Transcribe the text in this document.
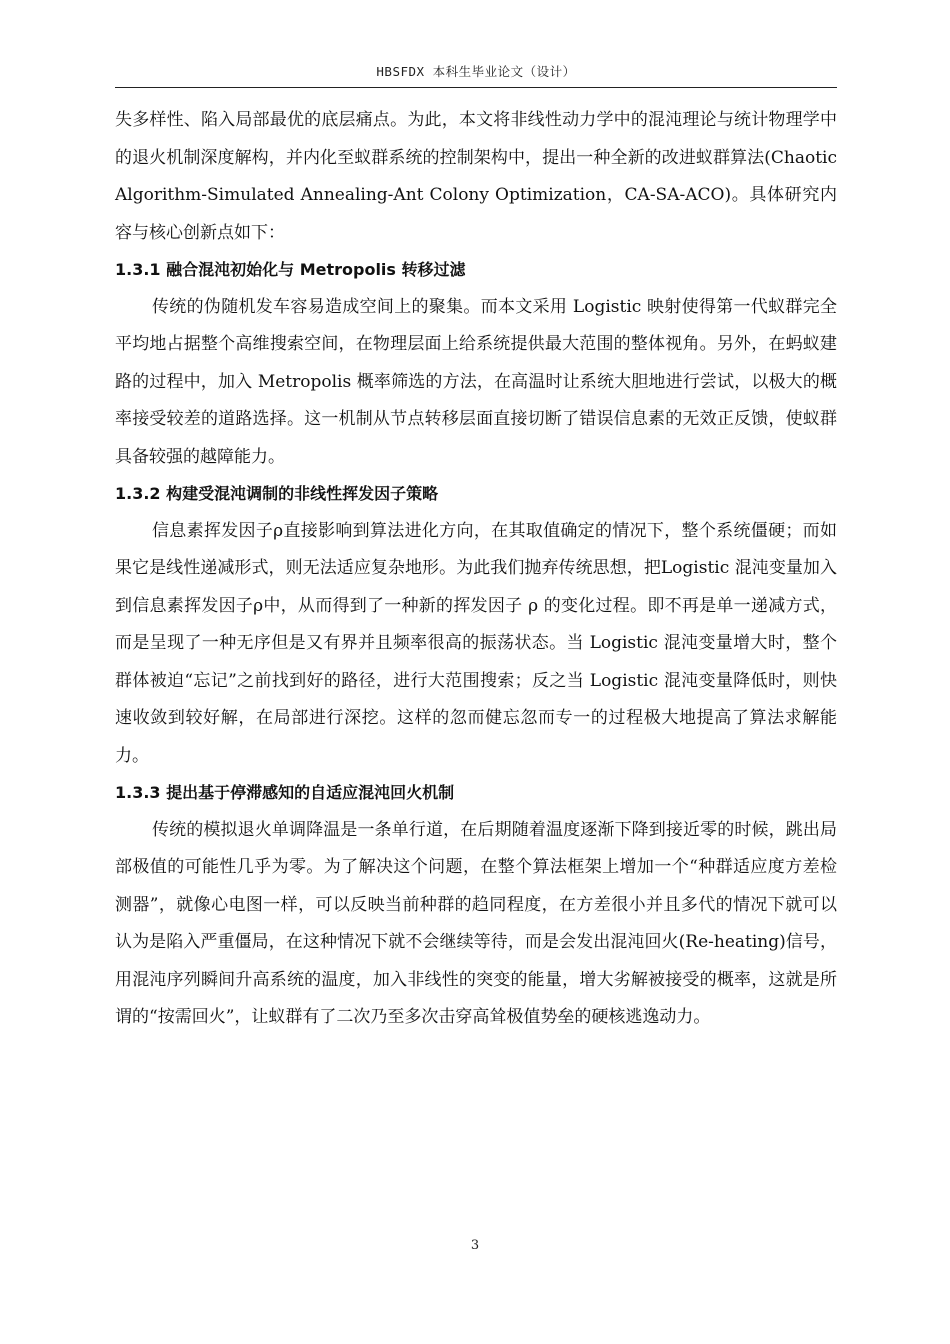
HBSFDX 本科生毕业论文（设计）

失多样性、陷入局部最优的底层痛点。为此，本文将非线性动力学中的混沌理论与统计物理学中的退火机制深度解构，并内化至蚁群系统的控制架构中，提出一种全新的改进蚁群算法(Chaotic Algorithm-Simulated Annealing-Ant Colony Optimization，CA-SA-ACO)。具体研究内容与核心创新点如下：

1.3.1 融合混沌初始化与 Metropolis 转移过滤

传统的伪随机发车容易造成空间上的聚集。而本文采用 Logistic 映射使得第一代蚁群完全平均地占据整个高维搜索空间，在物理层面上给系统提供最大范围的整体视角。另外，在蚂蚁建路的过程中，加入 Metropolis 概率筛选的方法，在高温时让系统大胆地进行尝试，以极大的概率接受较差的道路选择。这一机制从节点转移层面直接切断了错误信息素的无效正反馈，使蚁群具备较强的越障能力。

1.3.2 构建受混沌调制的非线性挥发因子策略

信息素挥发因子ρ直接影响到算法进化方向，在其取值确定的情况下，整个系统僵硬；而如果它是线性递减形式，则无法适应复杂地形。为此我们抛弃传统思想，把Logistic 混沌变量加入到信息素挥发因子ρ中，从而得到了一种新的挥发因子 ρ 的变化过程。即不再是单一递减方式，而是呈现了一种无序但是又有界并且频率很高的振荡状态。当 Logistic 混沌变量增大时，整个群体被迫“忘记”之前找到好的路径，进行大范围搜索；反之当 Logistic 混沌变量降低时，则快速收敛到较好解，在局部进行深挖。这样的忽而健忘忽而专一的过程极大地提高了算法求解能力。

1.3.3 提出基于停滞感知的自适应混沌回火机制

传统的模拟退火单调降温是一条单行道，在后期随着温度逐渐下降到接近零的时候，跳出局部极值的可能性几乎为零。为了解决这个问题，在整个算法框架上增加一个“种群适应度方差检测器”，就像心电图一样，可以反映当前种群的趋同程度，在方差很小并且多代的情况下就可以认为是陷入严重僵局，在这种情况下就不会继续等待，而是会发出混沌回火(Re-heating)信号，用混沌序列瞬间升高系统的温度，加入非线性的突变的能量，增大劣解被接受的概率，这就是所谓的“按需回火”，让蚁群有了二次乃至多次击穿高耸极值势垒的硬核逃逸动力。

3
